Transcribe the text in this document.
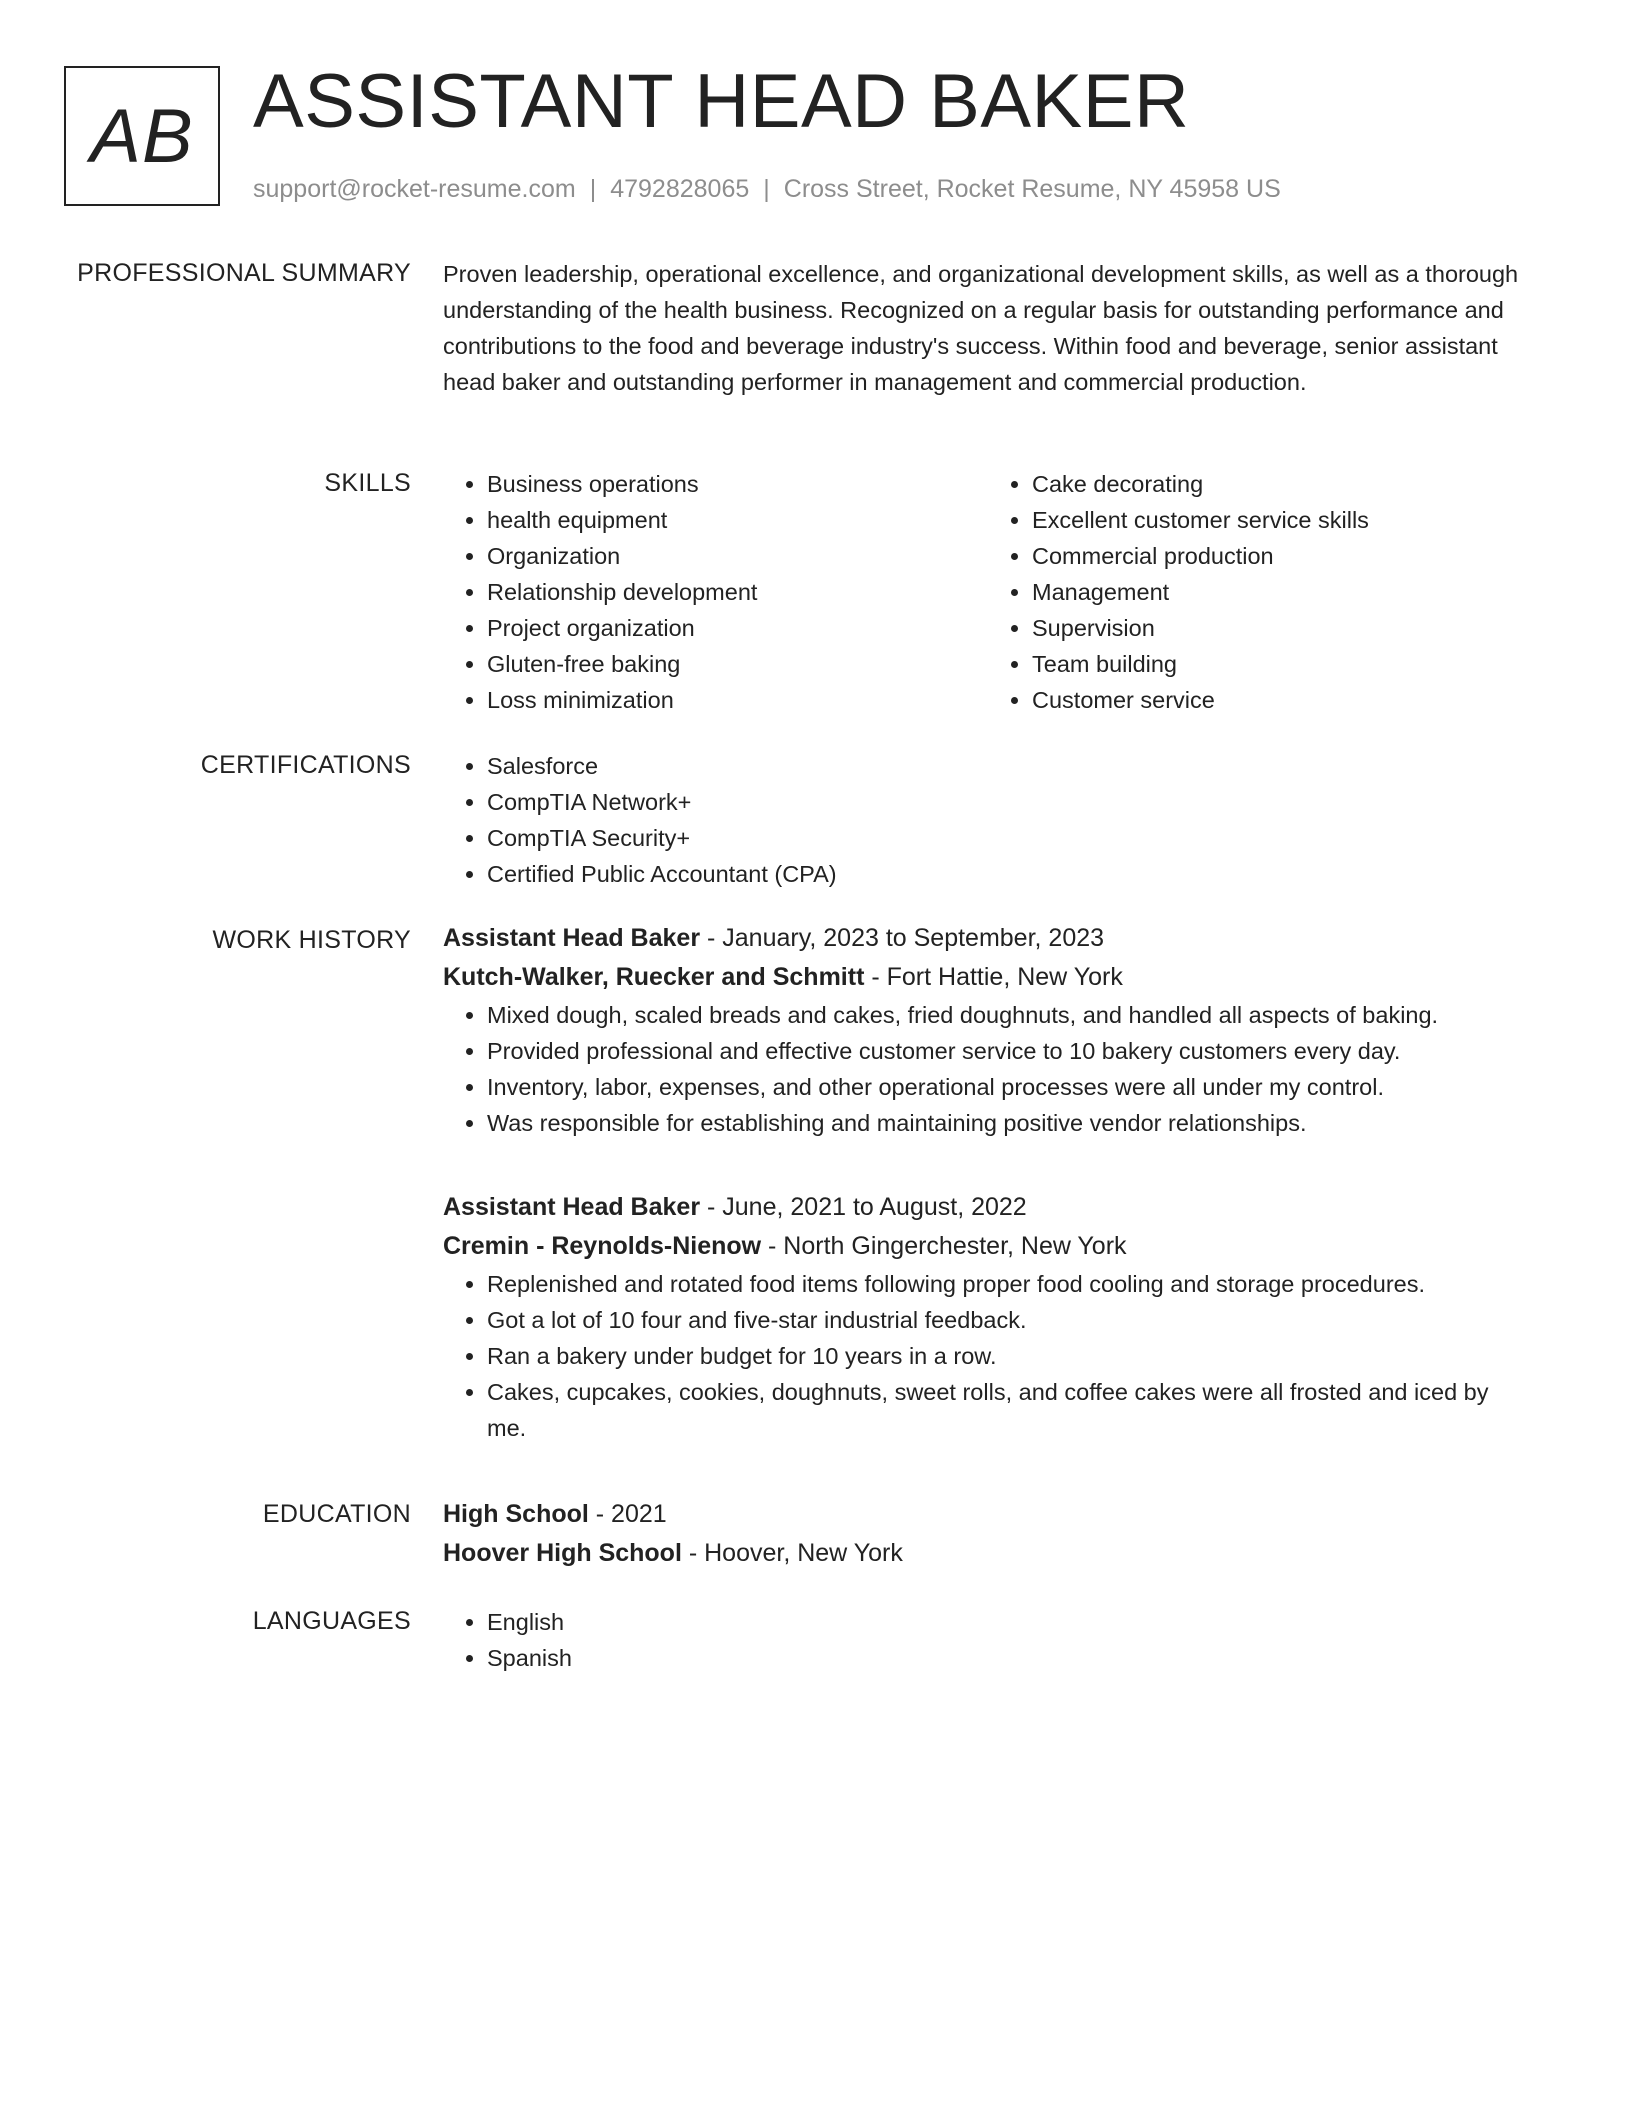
AB ASSISTANT HEAD BAKER
support@rocket-resume.com | 4792828065 | Cross Street, Rocket Resume, NY 45958 US
PROFESSIONAL SUMMARY Proven leadership, operational excellence, and organizational development skills, as well as a thorough understanding of the health business. Recognized on a regular basis for outstanding performance and contributions to the food and beverage industry's success. Within food and beverage, senior assistant head baker and outstanding performer in management and commercial production.

SKILLS	• Business operations
• health equipment
• Organization
• Relationship development
• Project organization
• Gluten-free baking
• Loss minimization
• Cake decorating
• Excellent customer service skills
• Commercial production
• Management
• Supervision
• Team building
• Customer service
CERTIFICATIONS	• Salesforce
• CompTIA Network+
• CompTIA Security+
• Certified Public Accountant (CPA)
WORK HISTORY Assistant Head Baker - January, 2023 to September, 2023
Kutch-Walker, Ruecker and Schmitt - Fort Hattie, New York
• Mixed dough, scaled breads and cakes, fried doughnuts, and handled all aspects of baking.
• Provided professional and effective customer service to 10 bakery customers every day.
• Inventory, labor, expenses, and other operational processes were all under my control.
• Was responsible for establishing and maintaining positive vendor relationships.
Assistant Head Baker - June, 2021 to August, 2022
Cremin - Reynolds-Nienow - North Gingerchester, New York
• Replenished and rotated food items following proper food cooling and storage procedures.
• Got a lot of 10 four and five-star industrial feedback.
• Ran a bakery under budget for 10 years in a row.
• Cakes, cupcakes, cookies, doughnuts, sweet rolls, and coffee cakes were all frosted and iced by me.
EDUCATION High School - 2021
Hoover High School - Hoover, New York
LANGUAGES	• English
• Spanish
